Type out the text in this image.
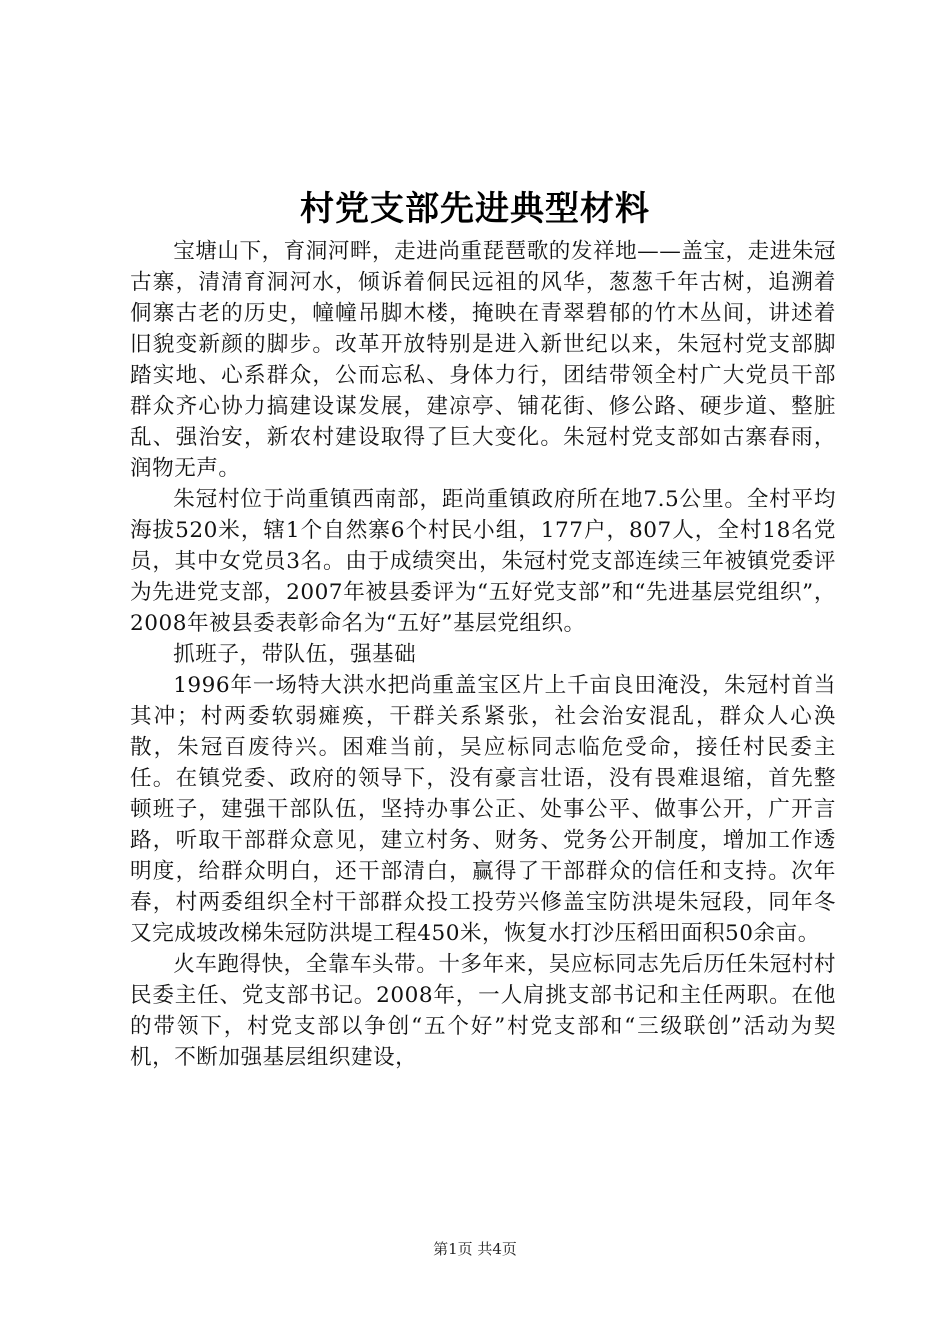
村党支部先进典型材料

宝塘山下，育洞河畔，走进尚重琵琶歌的发祥地——盖宝，走进朱冠古寨，清清育洞河水，倾诉着侗民远祖的风华，葱葱千年古树，追溯着侗寨古老的历史，幢幢吊脚木楼，掩映在青翠碧郁的竹木丛间，讲述着旧貌变新颜的脚步。改革开放特别是进入新世纪以来，朱冠村党支部脚踏实地、心系群众，公而忘私、身体力行，团结带领全村广大党员干部群众齐心协力搞建设谋发展，建凉亭、铺花街、修公路、硬步道、整脏乱、强治安，新农村建设取得了巨大变化。朱冠村党支部如古寨春雨，润物无声。

朱冠村位于尚重镇西南部，距尚重镇政府所在地7.5公里。全村平均海拔520米，辖1个自然寨6个村民小组，177户，807人，全村18名党员，其中女党员3名。由于成绩突出，朱冠村党支部连续三年被镇党委评为先进党支部，2007年被县委评为“五好党支部”和“先进基层党组织”，2008年被县委表彰命名为“五好”基层党组织。

抓班子，带队伍，强基础

1996年一场特大洪水把尚重盖宝区片上千亩良田淹没，朱冠村首当其冲；村两委软弱瘫痪，干群关系紧张，社会治安混乱，群众人心涣散，朱冠百废待兴。困难当前，吴应标同志临危受命，接任村民委主任。在镇党委、政府的领导下，没有豪言壮语，没有畏难退缩，首先整顿班子，建强干部队伍，坚持办事公正、处事公平、做事公开，广开言路，听取干部群众意见，建立村务、财务、党务公开制度，增加工作透明度，给群众明白，还干部清白，赢得了干部群众的信任和支持。次年春，村两委组织全村干部群众投工投劳兴修盖宝防洪堤朱冠段，同年冬又完成坡改梯朱冠防洪堤工程450米，恢复水打沙压稻田面积50余亩。

火车跑得快，全靠车头带。十多年来，吴应标同志先后历任朱冠村村民委主任、党支部书记。2008年，一人肩挑支部书记和主任两职。在他的带领下，村党支部以争创“五个好”村党支部和“三级联创”活动为契机，不断加强基层组织建设，

第1页 共4页
